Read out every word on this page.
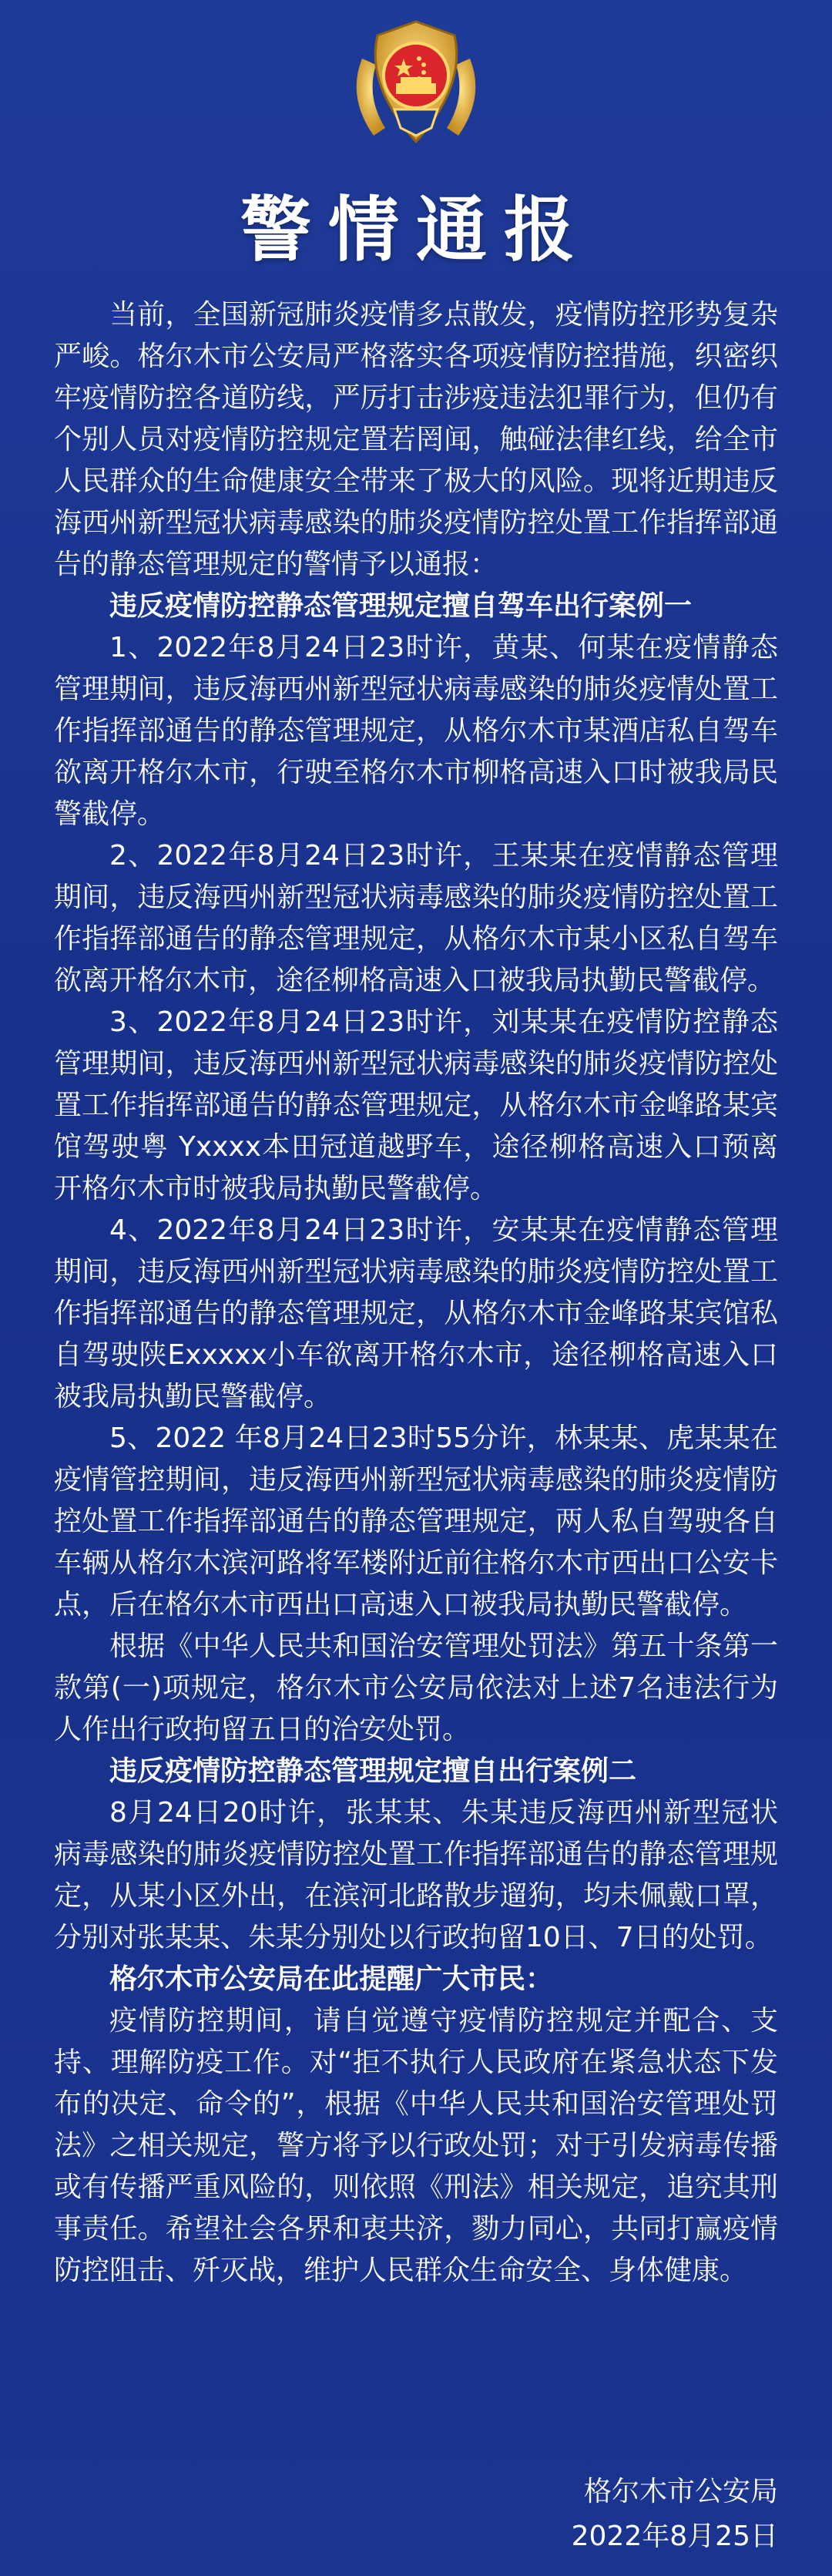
警情通报

当前，全国新冠肺炎疫情多点散发，疫情防控形势复杂严峻。格尔木市公安局严格落实各项疫情防控措施，织密织牢疫情防控各道防线，严厉打击涉疫违法犯罪行为，但仍有个别人员对疫情防控规定置若罔闻，触碰法律红线，给全市人民群众的生命健康安全带来了极大的风险。现将近期违反海西州新型冠状病毒感染的肺炎疫情防控处置工作指挥部通告的静态管理规定的警情予以通报：

违反疫情防控静态管理规定擅自驾车出行案例一

1、2022年8月24日23时许，黄某、何某在疫情静态管理期间，违反海西州新型冠状病毒感染的肺炎疫情处置工作指挥部通告的静态管理规定，从格尔木市某酒店私自驾车欲离开格尔木市，行驶至格尔木市柳格高速入口时被我局民警截停。

2、2022年8月24日23时许，王某某在疫情静态管理期间，违反海西州新型冠状病毒感染的肺炎疫情防控处置工作指挥部通告的静态管理规定，从格尔木市某小区私自驾车欲离开格尔木市，途径柳格高速入口被我局执勤民警截停。

3、2022年8月24日23时许，刘某某在疫情防控静态管理期间，违反海西州新型冠状病毒感染的肺炎疫情防控处置工作指挥部通告的静态管理规定，从格尔木市金峰路某宾馆驾驶粤 Yxxxx本田冠道越野车，途径柳格高速入口预离开格尔木市时被我局执勤民警截停。

4、2022年8月24日23时许，安某某在疫情静态管理期间，违反海西州新型冠状病毒感染的肺炎疫情防控处置工作指挥部通告的静态管理规定，从格尔木市金峰路某宾馆私自驾驶陕Exxxxx小车欲离开格尔木市，途径柳格高速入口被我局执勤民警截停。

5、2022 年8月24日23时55分许，林某某、虎某某在疫情管控期间，违反海西州新型冠状病毒感染的肺炎疫情防控处置工作指挥部通告的静态管理规定，两人私自驾驶各自车辆从格尔木滨河路将军楼附近前往格尔木市西出口公安卡点，后在格尔木市西出口高速入口被我局执勤民警截停。

根据《中华人民共和国治安管理处罚法》第五十条第一款第(一)项规定，格尔木市公安局依法对上述7名违法行为人作出行政拘留五日的治安处罚。

违反疫情防控静态管理规定擅自出行案例二

8月24日20时许，张某某、朱某违反海西州新型冠状病毒感染的肺炎疫情防控处置工作指挥部通告的静态管理规定，从某小区外出，在滨河北路散步遛狗，均未佩戴口罩，分别对张某某、朱某分别处以行政拘留10日、7日的处罚。

格尔木市公安局在此提醒广大市民：

疫情防控期间，请自觉遵守疫情防控规定并配合、支持、理解防疫工作。对“拒不执行人民政府在紧急状态下发布的决定、命令的”，根据《中华人民共和国治安管理处罚法》之相关规定，警方将予以行政处罚；对于引发病毒传播或有传播严重风险的，则依照《刑法》相关规定，追究其刑事责任。希望社会各界和衷共济，勠力同心，共同打赢疫情防控阻击、歼灭战，维护人民群众生命安全、身体健康。

格尔木市公安局
2022年8月25日
